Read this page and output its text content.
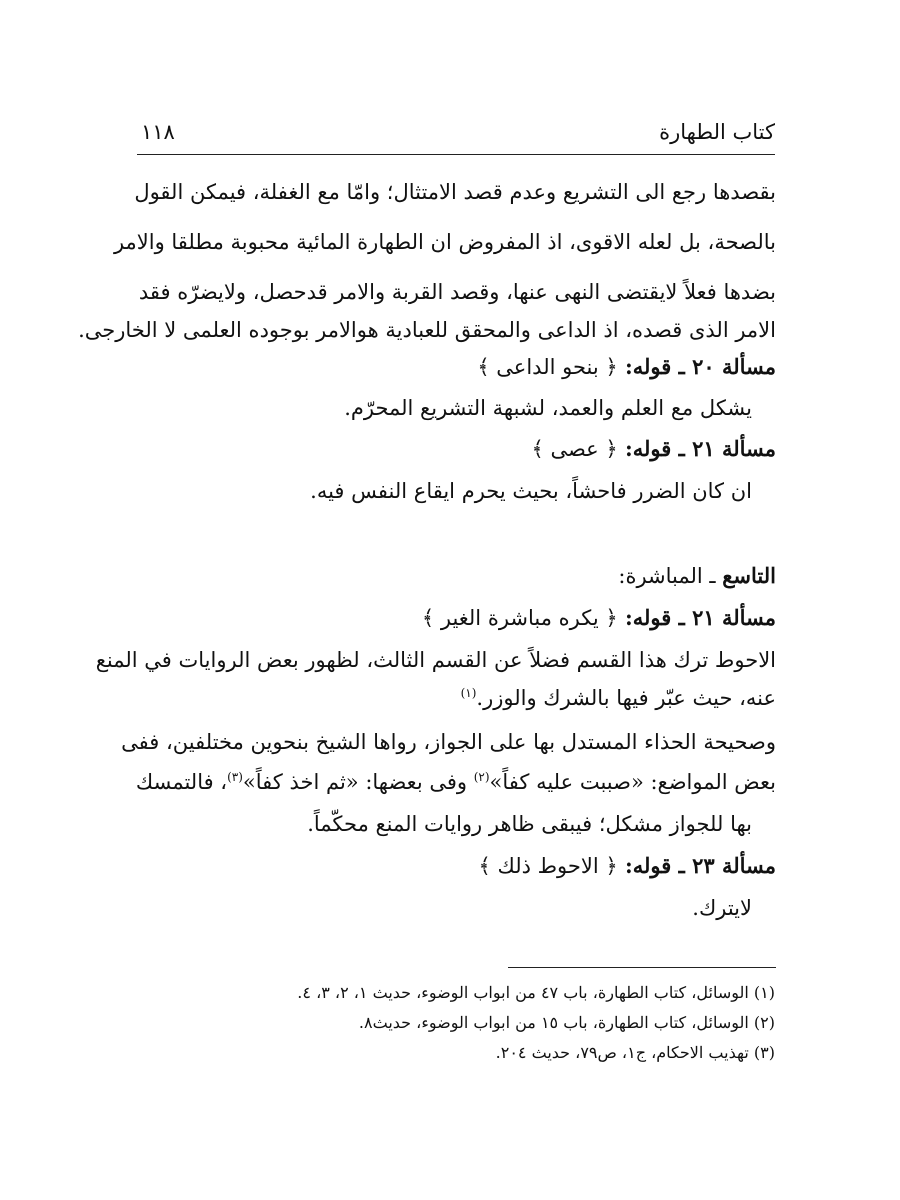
كتاب الطهارة
١١٨
بقصدها رجع الى التشريع وعدم قصد الامتثال؛ وامّا مع الغفلة، فيمكن القول
بالصحة، بل لعله الاقوى، اذ المفروض ان الطهارة المائية محبوبة مطلقا والامر
بضدها فعلاً لايقتضى النهى عنها، وقصد القربة والامر قدحصل، ولايضرّه فقد
الامر الذى قصده، اذ الداعى والمحقق للعبادية هوالامر بوجوده العلمى لا الخارجى.
مسألة ٢٠ ـ قوله: ﴿ بنحو الداعى ﴾
يشكل مع العلم والعمد، لشبهة التشريع المحرّم.
مسألة ٢١ ـ قوله: ﴿ عصى ﴾
ان كان الضرر فاحشاً، بحيث يحرم ايقاع النفس فيه.
التاسع ـ المباشرة:
مسألة ٢١ ـ قوله: ﴿ يكره مباشرة الغير ﴾
الاحوط ترك هذا القسم فضلاً عن القسم الثالث، لظهور بعض الروايات في المنع
عنه، حيث عبّر فيها بالشرك والوزر.$^{(١)}$
وصحيحة الحذاء المستدل بها على الجواز، رواها الشيخ بنحوين مختلفين، ففى
بعض المواضع: «صببت عليه كفاً»$^{(٢)}$ وفى بعضها: «ثم اخذ كفاً»$^{(٣)}$، فالتمسك
بها للجواز مشكل؛ فيبقى ظاهر روايات المنع محكّماً.
مسألة ٢٣ ـ قوله: ﴿ الاحوط ذلك ﴾
لايترك.
(١) الوسائل، كتاب الطهارة، باب ٤٧ من ابواب الوضوء، حديث ١، ٢، ٣، ٤.
(٢) الوسائل، كتاب الطهارة، باب ١٥ من ابواب الوضوء، حديث٨.
(٣) تهذيب الاحكام، ج١، ص٧٩، حديث ٢٠٤.
